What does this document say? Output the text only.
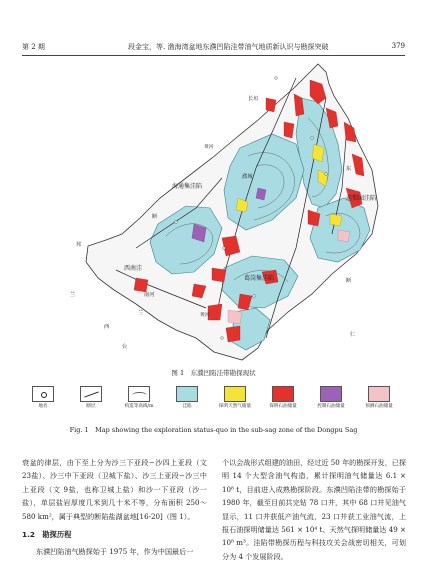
第 2 期	段金宝，等. 渤海湾盆地东濮凹陷洼带油气地质新认识与勘探突破	379
长垣
黄河
海通集洼陷
濮城
前梨园洼陷
西南洼
葛岗集洼陷
黄河
断
断
邦
南河
兰
兰
西
台
东
仁
图 1　东濮凹陷洼带勘探现状
地名	断层	构造等高线/m	洼陷	探明天然气储量	探明石油储量	控制石油储量	预测石油储量
Fig. 1　Map showing the exploration status-quo in the sub-sag zone of the Dongpu Sag

衰盆的律层，由下至上分为沙三下亚段−沙四上亚段（文 23盐）、沙三中下亚段（卫城下盐）、沙三上亚段−沙三中上亚段（文 9盐，也称卫城上盐）和沙一下亚段（沙一盐），单层盐岩厚度几米到几十米不等，分布面积 250～580 km²，属于典型的断陷盐湖盆地[16-20]（图 1）。

1.2　勘探历程

东濮凹陷油气勘探始于 1975 年，作为中国最后一

个以会战形式组建的油田，经过近 50 年的勘探开发，已探明 14 个大型含油气构造，累计探明油气储量达 6.1 × 10⁸ t，目前进入成熟勘探阶段。东濮凹陷洼带的勘探始于 1980 年，截至目前共完钻 78 口井，其中 68 口井见油气显示，11 口井获低产油气流，23 口井获工业油气流，上报石油探明储量达 561 × 10⁴ t、天然气探明储量达 49 × 10⁸ m³。洼陷带勘探历程与科技攻关会战密切相关，可划分为 4 个发展阶段。
